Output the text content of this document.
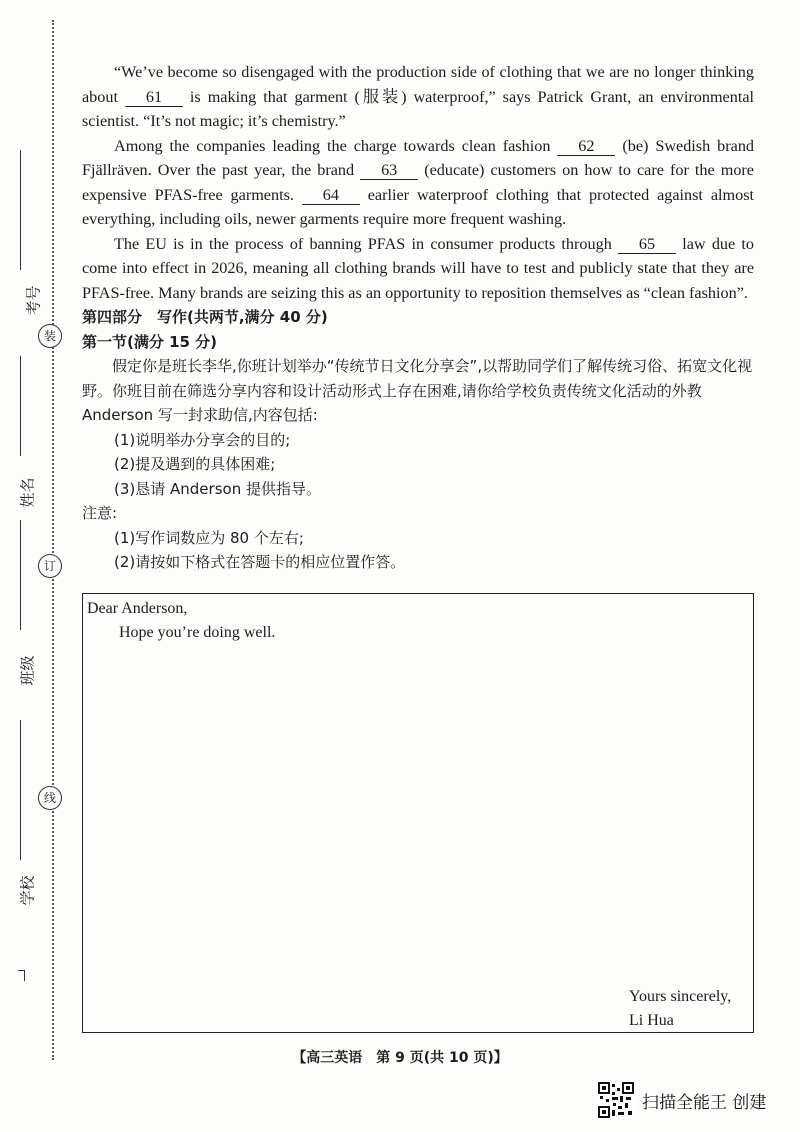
考号
装
姓名
订
班级
线
学校

“We’ve become so disengaged with the production side of clothing that we are no longer thinking about 61 is making that garment (服装) waterproof,” says Patrick Grant, an environmental scientist. “It’s not magic; it’s chemistry.”

Among the companies leading the charge towards clean fashion 62 (be) Swedish brand Fjällräven. Over the past year, the brand 63 (educate) customers on how to care for the more expensive PFAS-free garments. 64 earlier waterproof clothing that protected against almost everything, including oils, newer garments require more frequent washing.

The EU is in the process of banning PFAS in consumer products through 65 law due to come into effect in 2026, meaning all clothing brands will have to test and publicly state that they are PFAS-free. Many brands are seizing this as an opportunity to reposition themselves as “clean fashion”.

第四部分　写作(共两节,满分 40 分)

第一节(满分 15 分)

假定你是班长李华,你班计划举办“传统节日文化分享会”,以帮助同学们了解传统习俗、拓宽文化视野。你班目前在筛选分享内容和设计活动形式上存在困难,请你给学校负责传统文化活动的外教 Anderson 写一封求助信,内容包括:

(1)说明举办分享会的目的;

(2)提及遇到的具体困难;

(3)恳请 Anderson 提供指导。

注意:

(1)写作词数应为 80 个左右;

(2)请按如下格式在答题卡的相应位置作答。

Dear Anderson,
Hope you’re doing well.
Yours sincerely,
Li Hua
【高三英语　第 9 页(共 10 页)】
扫描全能王 创建
